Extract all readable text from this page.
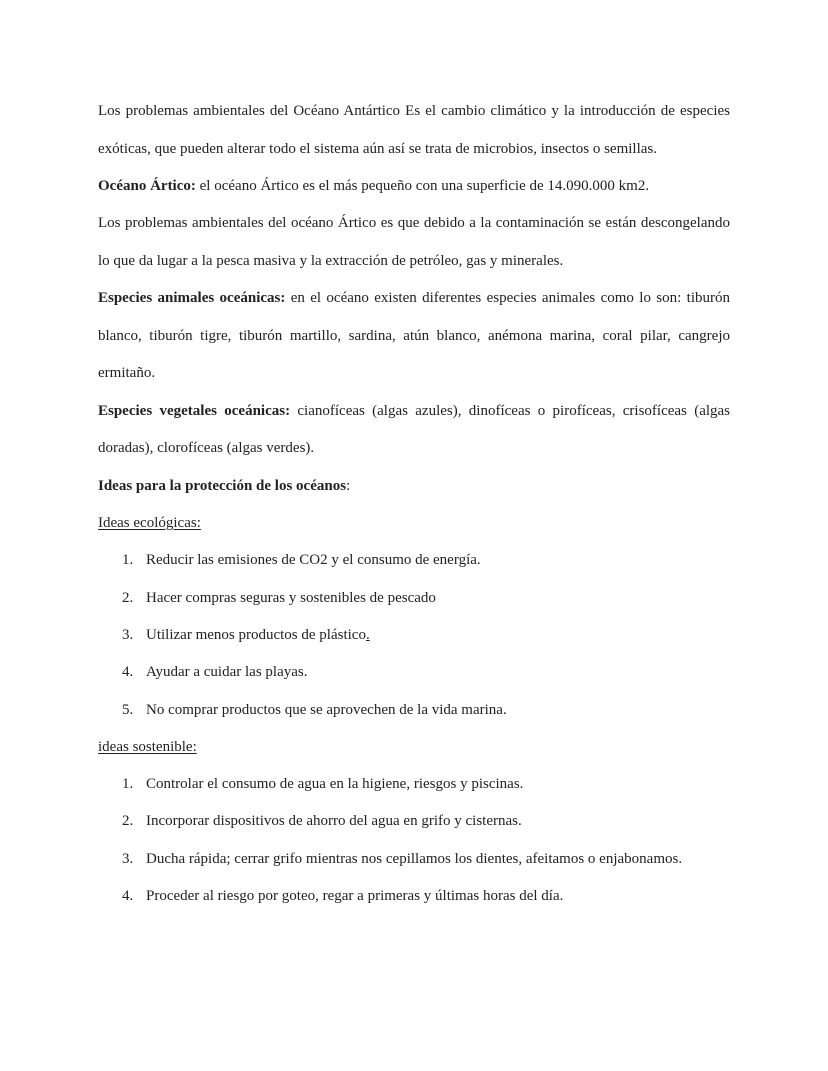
Los problemas ambientales del Océano Antártico Es el cambio climático y la introducción de especies exóticas, que pueden alterar todo el sistema aún así se trata de microbios, insectos o semillas.

Océano Ártico: el océano Ártico es el más pequeño con una superficie de 14.090.000 km2.

Los problemas ambientales del océano Ártico es que debido a la contaminación se están descongelando lo que da lugar a la pesca masiva y la extracción de petróleo, gas y minerales.

Especies animales oceánicas: en el océano existen diferentes especies animales como lo son: tiburón blanco, tiburón tigre, tiburón martillo, sardina, atún blanco, anémona marina, coral pilar, cangrejo ermitaño.

Especies vegetales oceánicas: cianofíceas (algas azules), dinofíceas o pirofíceas, crisofíceas (algas doradas), clorofíceas (algas verdes).

Ideas para la protección de los océanos:

Ideas ecológicas:

1. Reducir las emisiones de CO2 y el consumo de energía.
2. Hacer compras seguras y sostenibles de pescado
3. Utilizar menos productos de plástico.
4. Ayudar a cuidar las playas.
5. No comprar productos que se aprovechen de la vida marina.

ideas sostenible:

1. Controlar el consumo de agua en la higiene, riesgos y piscinas.
2. Incorporar dispositivos de ahorro del agua en grifo y cisternas.
3. Ducha rápida; cerrar grifo mientras nos cepillamos los dientes, afeitamos o enjabonamos.
4. Proceder al riesgo por goteo, regar a primeras y últimas horas del día.
